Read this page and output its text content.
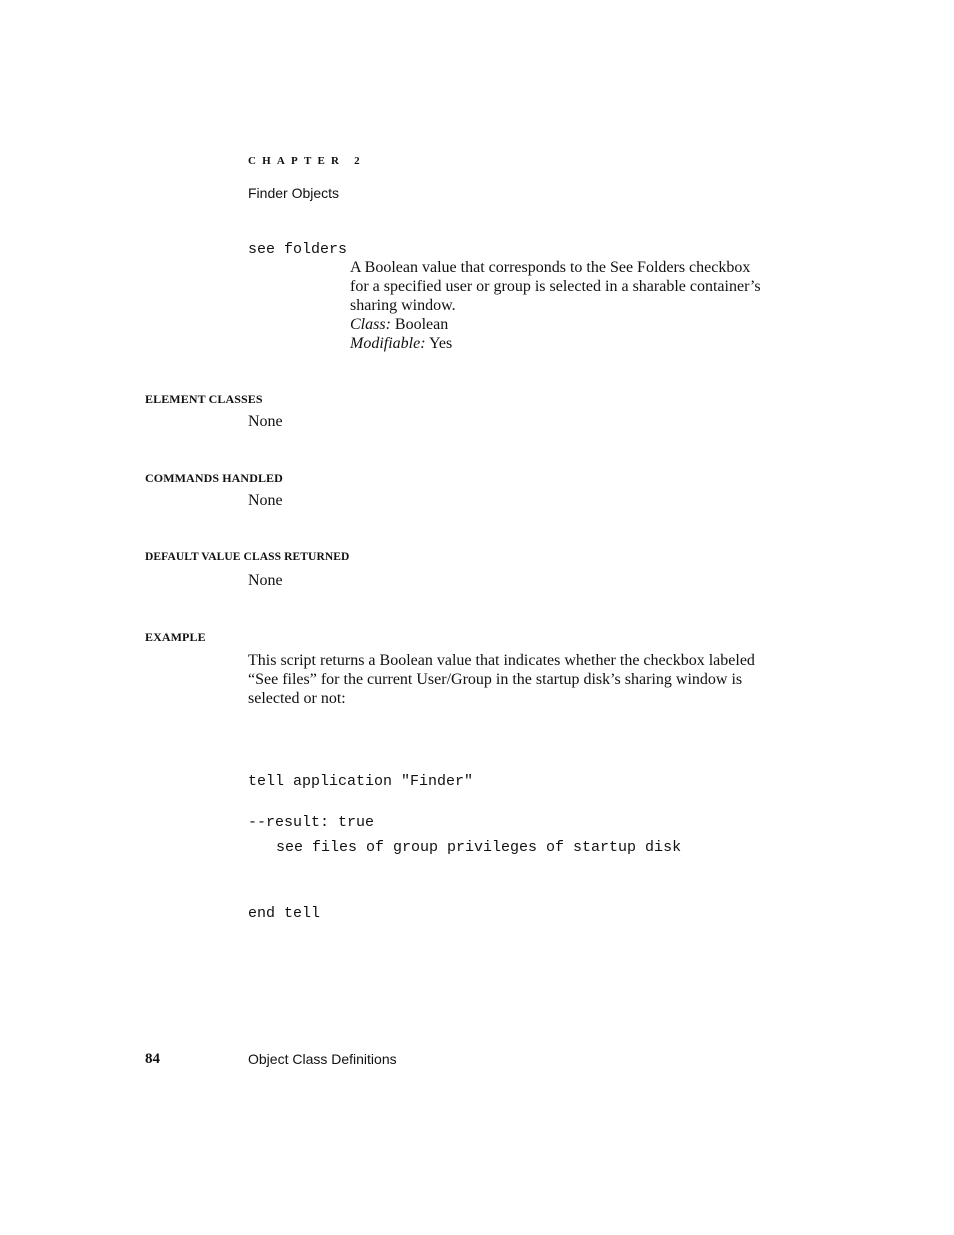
CHAPTER 2
Finder Objects
see folders
A Boolean value that corresponds to the See Folders checkbox
for a specified user or group is selected in a sharable container’s
sharing window.
Class: Boolean
Modifiable: Yes
ELEMENT CLASSES
None
COMMANDS HANDLED
None
DEFAULT VALUE CLASS RETURNED
None
EXAMPLE
This script returns a Boolean value that indicates whether the checkbox labeled
“See files” for the current User/Group in the startup disk’s sharing window is
selected or not:

tell application "Finder"

see files of group privileges of startup disk

end tell

--result: true
84	Object Class Definitions
